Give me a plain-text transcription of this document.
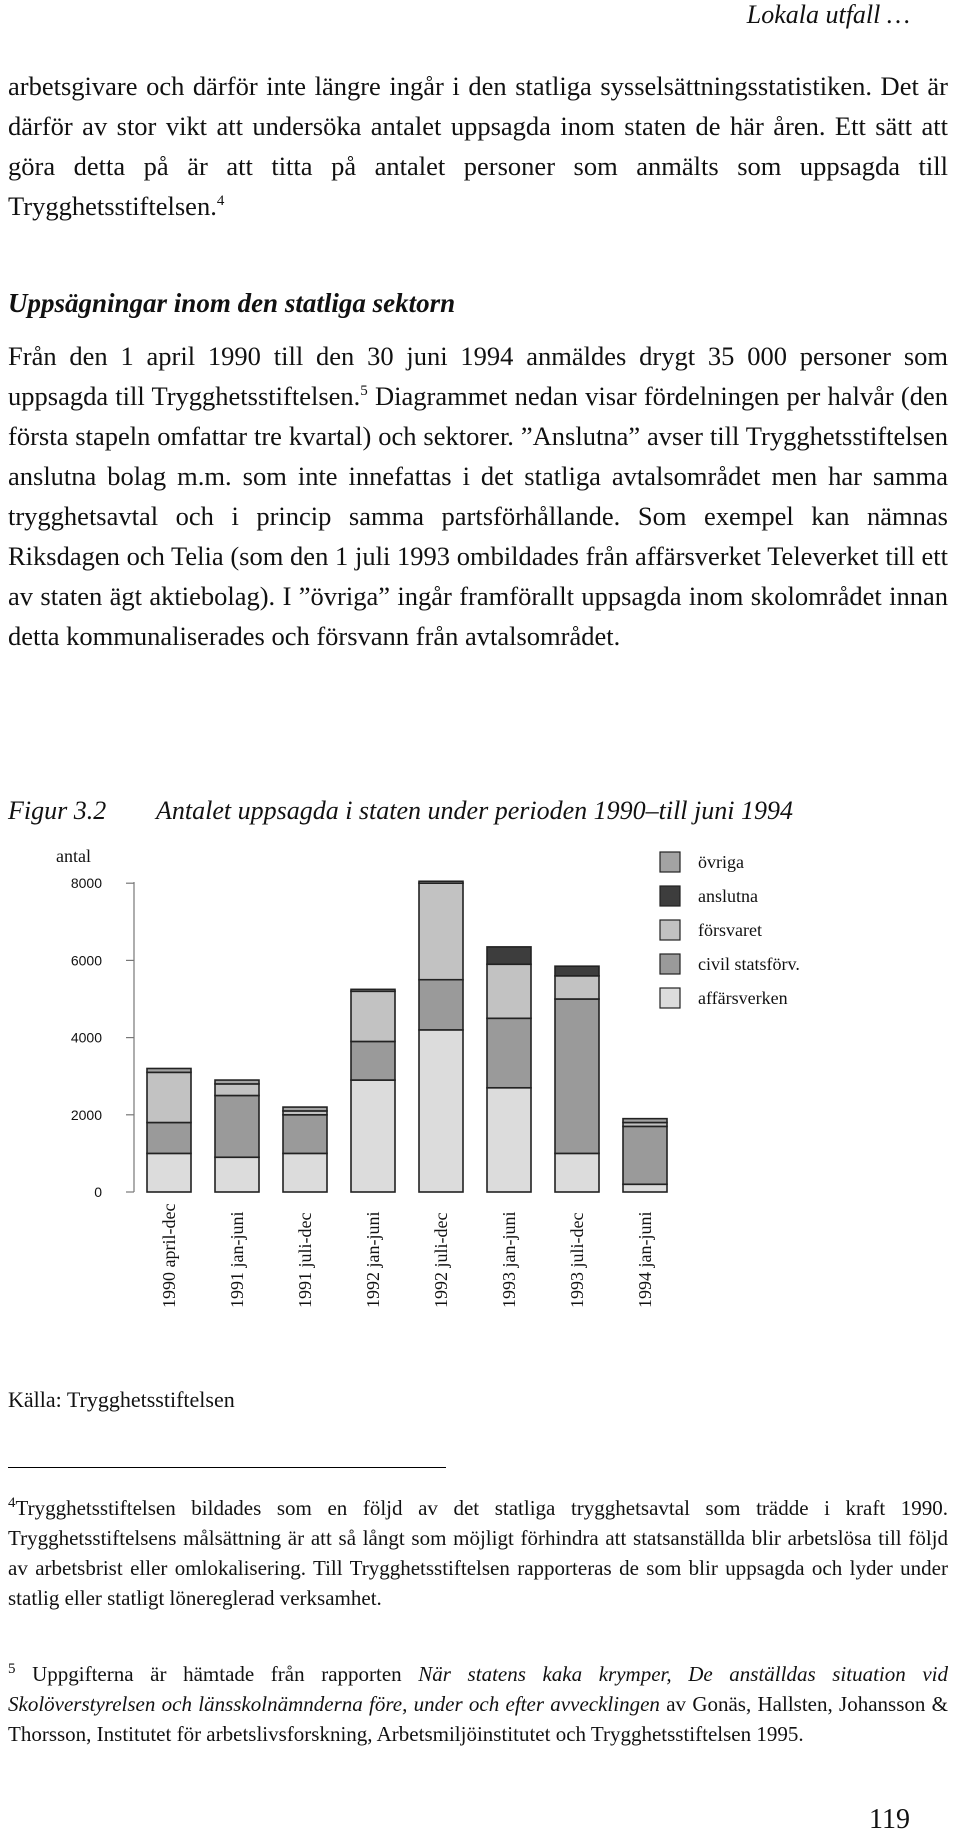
Lokala utfall …

arbetsgivare och därför inte längre ingår i den statliga sysselsättningsstatistiken. Det är därför av stor vikt att undersöka antalet uppsagda inom staten de här åren. Ett sätt att göra detta på är att titta på antalet personer som anmälts som uppsagda till Trygghetsstiftelsen.$^4$

Uppsägningar inom den statliga sektorn

Från den 1 april 1990 till den 30 juni 1994 anmäldes drygt 35 000 personer som uppsagda till Trygghetsstiftelsen.$^5$ Diagrammet nedan visar fördelningen per halvår (den första stapeln omfattar tre kvartal) och sektorer. ”Anslutna” avser till Trygghetsstiftelsen anslutna bolag m.m. som inte innefattas i det statliga avtalsområdet men har samma trygghetsavtal och i princip samma partsförhållande. Som exempel kan nämnas Riksdagen och Telia (som den 1 juli 1993 ombildades från affärsverket Televerket till ett av staten ägt aktiebolag). I ”övriga” ingår framförallt uppsagda inom skolområdet innan detta kommunaliserades och försvann från avtalsområdet.

Figur 3.2 Antalet uppsagda i staten under perioden 1990–till juni 1994
antal
0
2000
4000
6000
8000
1990 april-dec	1991 jan-juni	1991 juli-dec	1992 jan-juni	1992 juli-dec	1993 jan-juni	1993 juli-dec	1994 jan-juni
övriga
anslutna
försvaret
civil statsförv.
affärsverken
Källa: Trygghetsstiftelsen

$^4$Trygghetsstiftelsen bildades som en följd av det statliga trygghetsavtal som trädde i kraft 1990. Trygghetsstiftelsens målsättning är att så långt som möjligt förhindra att statsanställda blir arbetslösa till följd av arbetsbrist eller omlokalisering. Till Trygghetsstiftelsen rapporteras de som blir uppsagda och lyder under statlig eller statligt lönereglerad verksamhet.

$^5$ Uppgifterna är hämtade från rapporten När statens kaka krymper, De anställdas situation vid Skolöverstyrelsen och länsskolnämnderna före, under och efter avvecklingen av Gonäs, Hallsten, Johansson & Thorsson, Institutet för arbetslivsforskning, Arbetsmiljöinstitutet och Trygghetsstiftelsen 1995.

119
